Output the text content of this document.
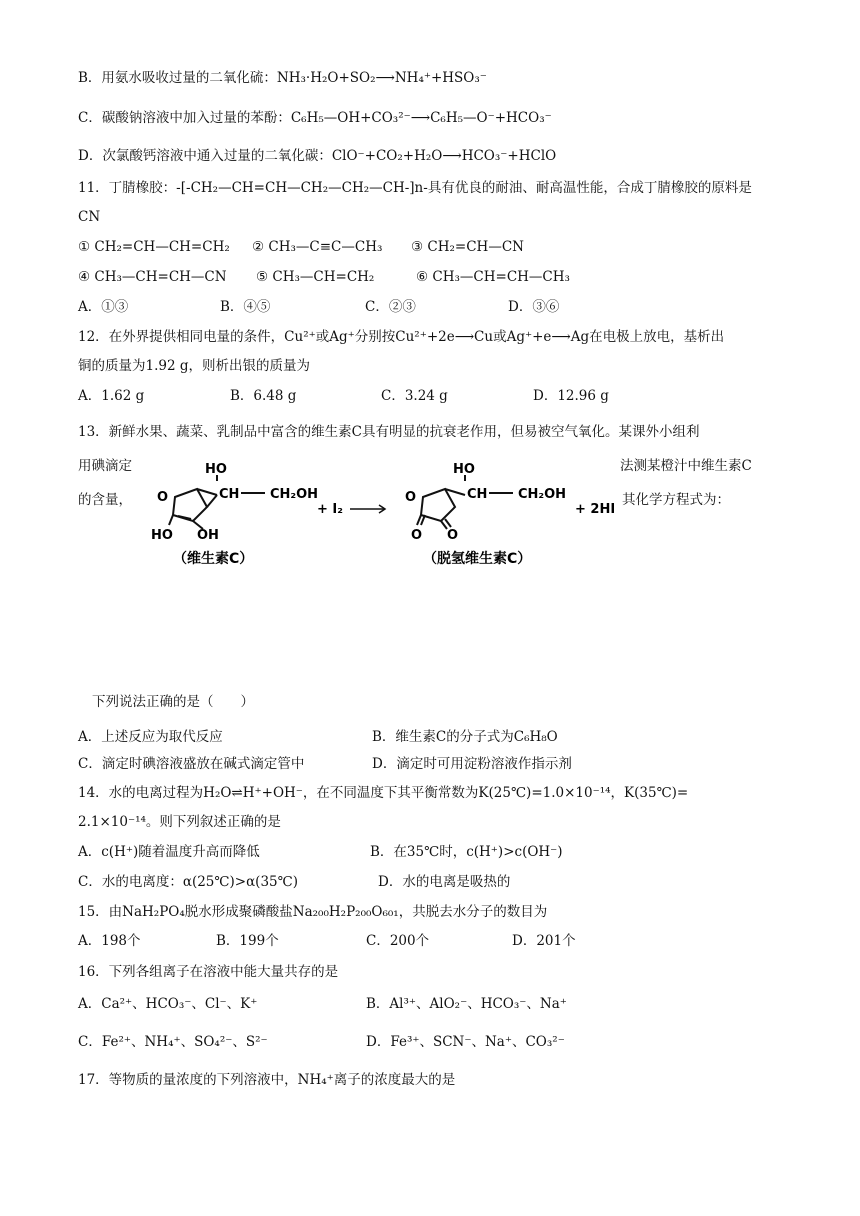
B．用氨水吸收过量的二氧化硫：NH₃·H₂O+SO₂⟶NH₄⁺+HSO₃⁻
C．碳酸钠溶液中加入过量的苯酚：C₆H₅—OH+CO₃²⁻⟶C₆H₅—O⁻+HCO₃⁻
D．次氯酸钙溶液中通入过量的二氧化碳：ClO⁻+CO₂+H₂O⟶HCO₃⁻+HClO
11．丁腈橡胶：-[-CH₂—CH=CH—CH₂—CH₂—CH-]n-具有优良的耐油、耐高温性能，合成丁腈橡胶的原料是
CN
① CH₂=CH—CH=CH₂ ② CH₃—C≡C—CH₃ ③ CH₂=CH—CN
④ CH₃—CH=CH—CN ⑤ CH₃—CH=CH₂	⑥ CH₃—CH=CH—CH₃
A．①③	B．④⑤	C．②③	D．③⑥
12．在外界提供相同电量的条件，Cu²⁺或Ag⁺分别按Cu²⁺+2e⟶Cu或Ag⁺+e⟶Ag在电极上放电，基析出
铜的质量为1.92 g，则析出银的质量为
A．1.62 g	B．6.48 g	C．3.24 g	D．12.96 g
13．新鲜水果、蔬菜、乳制品中富含的维生素C具有明显的抗衰老作用，但易被空气氧化。某课外小组利
用碘滴定	法测某橙汁中维生素C
的含量，	其化学方程式为：
HO
O	CH CH₂OH
HO OH
（维生素C）
+ I₂
HO
O	CH CH₂OH
O O
（脱氢维生素C）
+ 2HI
下列说法正确的是（　　）
A．上述反应为取代反应	B．维生素C的分子式为C₆H₈O
C．滴定时碘溶液盛放在碱式滴定管中	D．滴定时可用淀粉溶液作指示剂
14．水的电离过程为H₂O⇌H⁺+OH⁻，在不同温度下其平衡常数为K(25℃)=1.0×10⁻¹⁴，K(35℃)=
2.1×10⁻¹⁴。则下列叙述正确的是
A．c(H⁺)随着温度升高而降低	B．在35℃时，c(H⁺)>c(OH⁻)
C．水的电离度：α(25℃)>α(35℃)	D．水的电离是吸热的
15．由NaH₂PO₄脱水形成聚磷酸盐Na₂₀₀H₂P₂₀₀O₆₀₁，共脱去水分子的数目为
A．198个	B．199个	C．200个	D．201个
16．下列各组离子在溶液中能大量共存的是
A．Ca²⁺、HCO₃⁻、Cl⁻、K⁺	B．Al³⁺、AlO₂⁻、HCO₃⁻、Na⁺
C．Fe²⁺、NH₄⁺、SO₄²⁻、S²⁻	D．Fe³⁺、SCN⁻、Na⁺、CO₃²⁻
17．等物质的量浓度的下列溶液中，NH₄⁺离子的浓度最大的是
